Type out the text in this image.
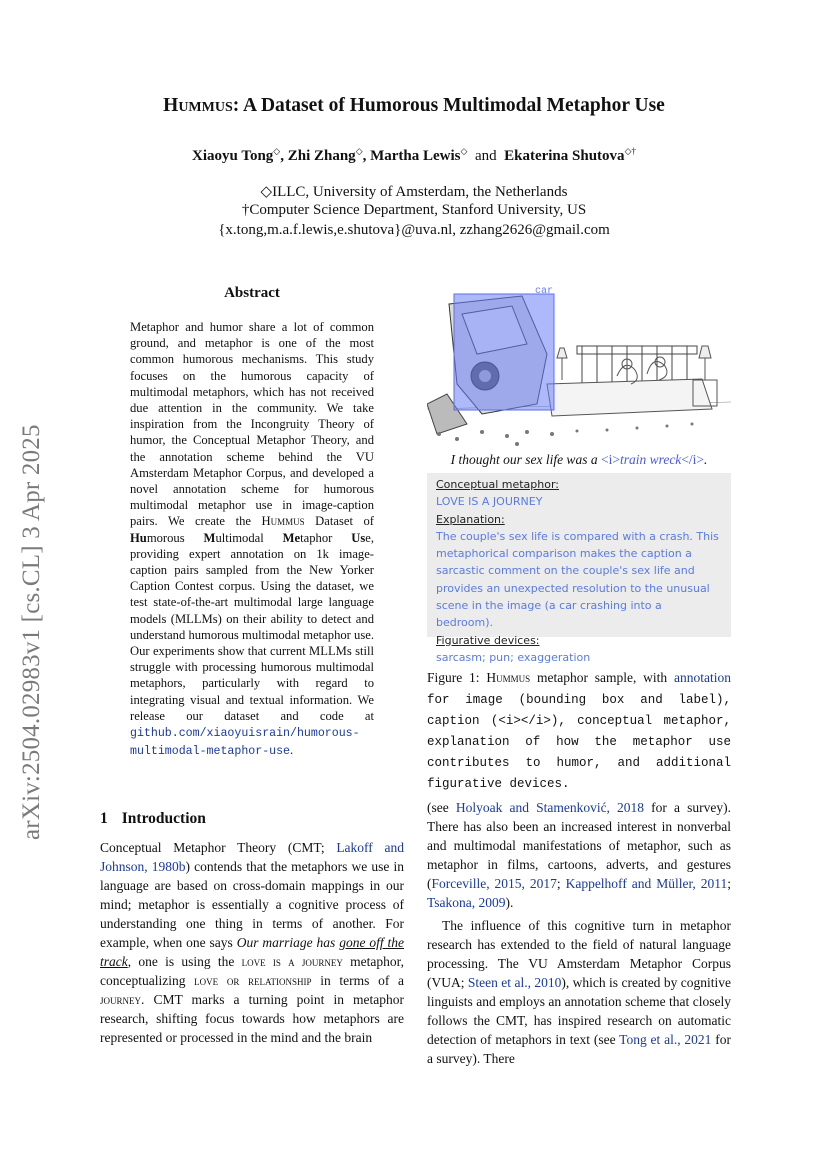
arXiv:2504.02983v1 [cs.CL] 3 Apr 2025
Hummus: A Dataset of Humorous Multimodal Metaphor Use
Xiaoyu Tong◇, Zhi Zhang◇, Martha Lewis◇ and Ekaterina Shutova◇†
◇ILLC, University of Amsterdam, the Netherlands
†Computer Science Department, Stanford University, US
{x.tong,m.a.f.lewis,e.shutova}@uva.nl, zzhang2626@gmail.com
Abstract
Metaphor and humor share a lot of common ground, and metaphor is one of the most common humorous mechanisms. This study focuses on the humorous capacity of multimodal metaphors, which has not received due attention in the community. We take inspiration from the Incongruity Theory of humor, the Conceptual Metaphor Theory, and the annotation scheme behind the VU Amsterdam Metaphor Corpus, and developed a novel annotation scheme for humorous multimodal metaphor use in image-caption pairs. We create the Hummus Dataset of Humorous Multimodal Metaphor Use, providing expert annotation on 1k image-caption pairs sampled from the New Yorker Caption Contest corpus. Using the dataset, we test state-of-the-art multimodal large language models (MLLMs) on their ability to detect and understand humorous multimodal metaphor use. Our experiments show that current MLLMs still struggle with processing humorous multimodal metaphors, particularly with regard to integrating visual and textual information. We release our dataset and code at github.com/xiaoyuisrain/humorous-multimodal-metaphor-use.
1 Introduction
Conceptual Metaphor Theory (CMT; Lakoff and Johnson, 1980b) contends that the metaphors we use in language are based on cross-domain mappings in our mind; metaphor is essentially a cognitive process of understanding one thing in terms of another. For example, when one says Our marriage has gone off the track, one is using the love is a journey metaphor, conceptualizing love or relationship in terms of a journey. CMT marks a turning point in metaphor research, shifting focus towards how metaphors are represented or processed in the mind and the brain
car
I thought our sex life was a <i>train wreck</i>.
Conceptual metaphor:
LOVE IS A JOURNEY
Explanation:
The couple's sex life is compared with a crash. This metaphorical comparison makes the caption a sarcastic comment on the couple's sex life and provides an unexpected resolution to the unusual scene in the image (a car crashing into a bedroom).
Figurative devices:
sarcasm; pun; exaggeration
Figure 1: Hummus metaphor sample, with annotation for image (bounding box and label), caption (<i></i>), conceptual metaphor, explanation of how the metaphor use contributes to humor, and additional figurative devices.

(see Holyoak and Stamenković, 2018 for a survey). There has also been an increased interest in nonverbal and multimodal manifestations of metaphor, such as metaphor in films, cartoons, adverts, and gestures (Forceville, 2015, 2017; Kappelhoff and Müller, 2011; Tsakona, 2009).

The influence of this cognitive turn in metaphor research has extended to the field of natural language processing. The VU Amsterdam Metaphor Corpus (VUA; Steen et al., 2010), which is created by cognitive linguists and employs an annotation scheme that closely follows the CMT, has inspired research on automatic detection of metaphors in text (see Tong et al., 2021 for a survey). There
